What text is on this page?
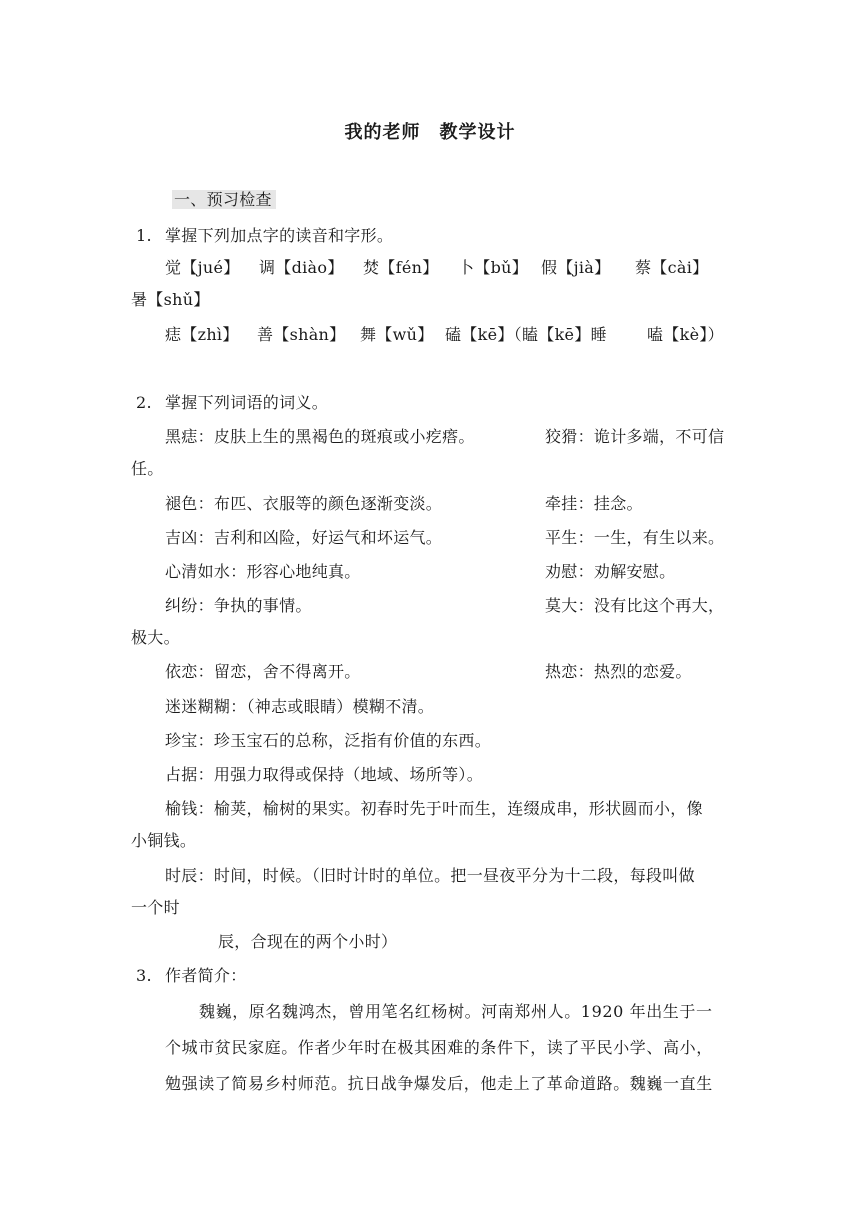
我的老师　教学设计
一、预习检查
1. 掌握下列加点字的读音和字形。
觉【jué】 调【diào】 焚【fén】 卜【bǔ】 假【jià】 蔡【cài】
暑【shǔ】
痣【zhì】 善【shàn】 舞【wǔ】 磕【kē】（瞌【kē】睡	嗑【kè】）
2. 掌握下列词语的词义。
黑痣：皮肤上生的黑褐色的斑痕或小疙瘩。	狡猾：诡计多端，不可信
任。
褪色：布匹、衣服等的颜色逐渐变淡。	牵挂：挂念。
吉凶：吉利和凶险，好运气和坏运气。	平生：一生，有生以来。
心清如水：形容心地纯真。	劝慰：劝解安慰。
纠纷：争执的事情。	莫大：没有比这个再大，
极大。
依恋：留恋，舍不得离开。	热恋：热烈的恋爱。
迷迷糊糊：（神志或眼睛）模糊不清。
珍宝：珍玉宝石的总称，泛指有价值的东西。
占据：用强力取得或保持（地域、场所等）。
榆钱：榆荚，榆树的果实。初春时先于叶而生，连缀成串，形状圆而小，像
小铜钱。
时辰：时间，时候。（旧时计时的单位。把一昼夜平分为十二段，每段叫做
一个时
辰，合现在的两个小时）
3. 作者简介：
魏巍，原名魏鸿杰，曾用笔名红杨树。河南郑州人。1920 年出生于一
个城市贫民家庭。作者少年时在极其困难的条件下，读了平民小学、高小，
勉强读了简易乡村师范。抗日战争爆发后，他走上了革命道路。魏巍一直生
